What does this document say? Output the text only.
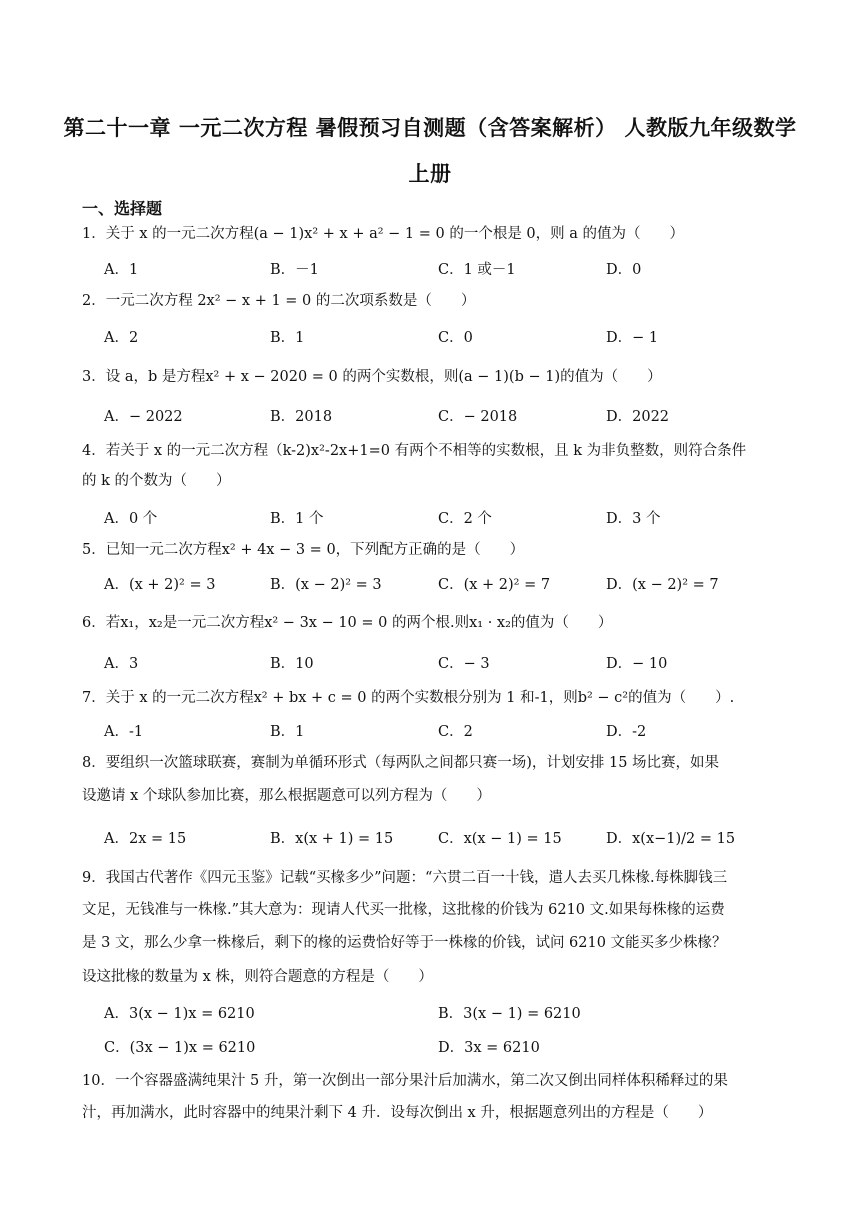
第二十一章 一元二次方程 暑假预习自测题（含答案解析） 人教版九年级数学
上册
一、选择题
1．关于 x 的一元二次方程(a − 1)x² + x + a² − 1 = 0 的一个根是 0，则 a 的值为（　　）
A．1	B．－1	C．1 或－1	D．0
2．一元二次方程 2x² − x + 1 = 0 的二次项系数是（　　）
A．2	B．1	C．0	D．− 1
3．设 a，b 是方程x² + x − 2020 = 0 的两个实数根，则(a − 1)(b − 1)的值为（　　）
A．− 2022	B．2018	C．− 2018	D．2022
4．若关于 x 的一元二次方程（k-2)x²-2x+1=0 有两个不相等的实数根，且 k 为非负整数，则符合条件
的 k 的个数为（　　）
A．0 个	B．1 个	C．2 个	D．3 个
5．已知一元二次方程x² + 4x − 3 = 0，下列配方正确的是（　　）
A．(x + 2)² = 3	B．(x − 2)² = 3	C．(x + 2)² = 7	D．(x − 2)² = 7
6．若x₁，x₂是一元二次方程x² − 3x − 10 = 0 的两个根.则x₁ · x₂的值为（　　）
A．3	B．10	C．− 3	D．− 10
7．关于 x 的一元二次方程x² + bx + c = 0 的两个实数根分别为 1 和-1，则b² − c²的值为（　　）.
A．-1	B．1	C．2	D．-2
8．要组织一次篮球联赛，赛制为单循环形式（每两队之间都只赛一场)，计划安排 15 场比赛，如果
设邀请 x 个球队参加比赛，那么根据题意可以列方程为（　　）
A．2x = 15	B．x(x + 1) = 15	C．x(x − 1) = 15	D．x(x−1)/2 = 15
9．我国古代著作《四元玉鉴》记载“买椽多少”问题：“六贯二百一十钱，遣人去买几株椽.每株脚钱三
文足，无钱准与一株椽.”其大意为：现请人代买一批椽，这批椽的价钱为 6210 文.如果每株椽的运费
是 3 文，那么少拿一株椽后，剩下的椽的运费恰好等于一株椽的价钱，试问 6210 文能买多少株椽？
设这批椽的数量为 x 株，则符合题意的方程是（　　）
A．3(x − 1)x = 6210	B．3(x − 1) = 6210
C．(3x − 1)x = 6210	D．3x = 6210
10．一个容器盛满纯果汁 5 升，第一次倒出一部分果汁后加满水，第二次又倒出同样体积稀释过的果
汁，再加满水，此时容器中的纯果汁剩下 4 升．设每次倒出 x 升，根据题意列出的方程是（　　）
